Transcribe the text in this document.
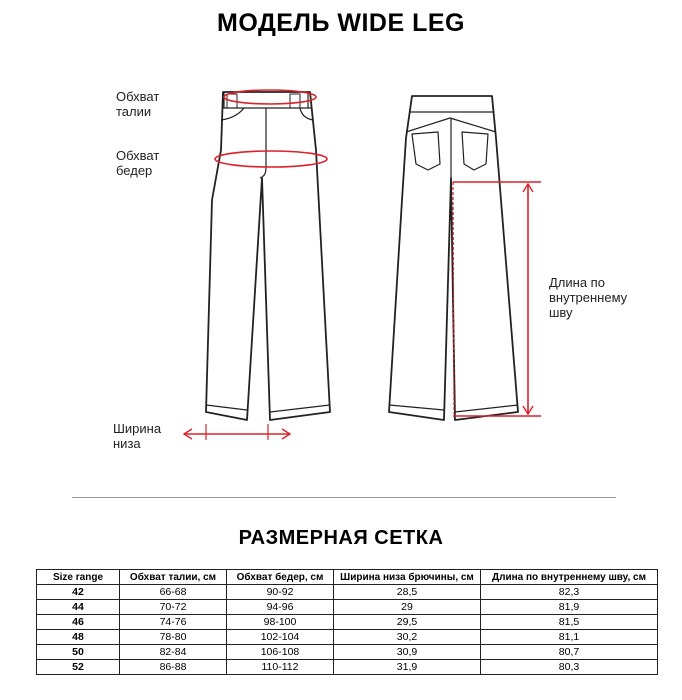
МОДЕЛЬ WIDE LEG
Обхват
талии
Обхват
бедер
Ширина
низа
Длина по
внутреннему
шву
РАЗМЕРНАЯ СЕТКА
Size range	Обхват талии, см	Обхват бедер, см	Ширина низа брючины, см	Длина по внутреннему шву, см
42	66-68	90-92	28,5	82,3
44	70-72	94-96	29	81,9
46	74-76	98-100	29,5	81,5
48	78-80	102-104	30,2	81,1
50	82-84	106-108	30,9	80,7
52	86-88	110-112	31,9	80,3
